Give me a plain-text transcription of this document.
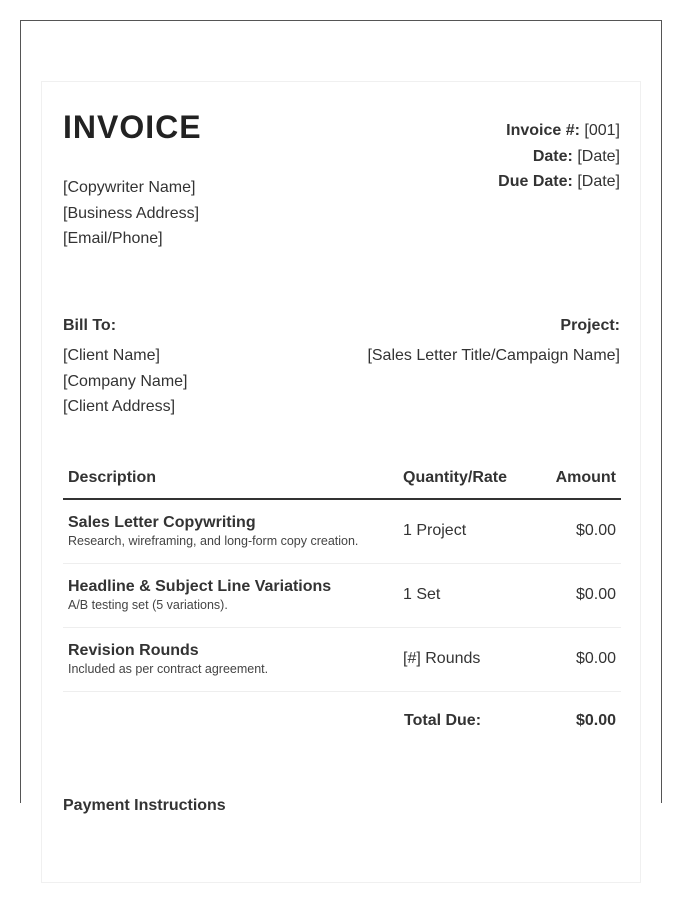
INVOICE
[Copywriter Name]
[Business Address]
[Email/Phone]
Invoice #: [001]
Date: [Date]
Due Date: [Date]
Bill To:
[Client Name]
[Company Name]
[Client Address]
Project:
[Sales Letter Title/Campaign Name]
Description	Quantity/Rate	Amount
Sales Letter Copywriting
Research, wireframing, and long-form copy creation.
1 Project	$0.00
Headline & Subject Line Variations
A/B testing set (5 variations).
1 Set	$0.00
Revision Rounds
Included as per contract agreement.
[#] Rounds	$0.00
Total Due:	$0.00
Payment Instructions
